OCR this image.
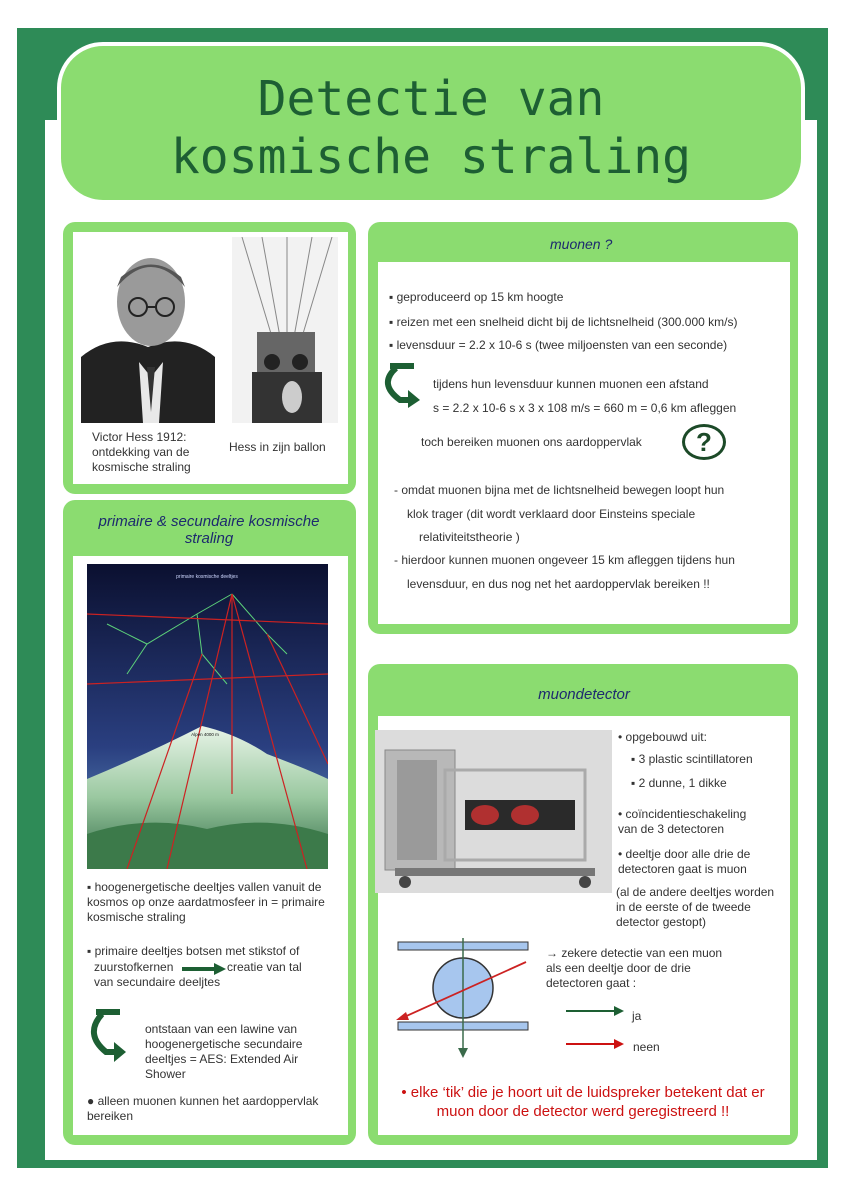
Detectie van
kosmische straling
Victor Hess 1912: ontdekking van de kosmische straling
Hess in zijn ballon
muonen ?
▪ geproduceerd op 15 km hoogte
▪ reizen met een snelheid dicht bij de lichtsnelheid (300.000 km/s)
▪ levensduur = 2.2 x 10-6 s (twee miljoensten van een seconde)
tijdens hun levensduur kunnen muonen een afstand
s = 2.2 x 10-6 s x 3 x 108 m/s = 660 m = 0,6 km afleggen
toch bereiken muonen ons aardoppervlak	?
- omdat muonen bijna met de lichtsnelheid bewegen loopt hun
klok trager (dit wordt verklaard door Einsteins speciale
relativiteitstheorie )
- hierdoor kunnen muonen ongeveer 15 km afleggen tijdens hun
levensduur, en dus nog net het aardoppervlak bereiken !!
primaire & secundaire kosmische straling
primaire kosmische deeltjes
Alpen 4000 m
▪ hoogenergetische deeltjes vallen vanuit de kosmos op onze aardatmosfeer in = primaire kosmische straling
▪ primaire deeltjes botsen met stikstof of
zuurstofkernen	creatie van tal
van secundaire deeljtes
ontstaan van een lawine van hoogenergetische secundaire deeltjes = AES: Extended Air Shower
● alleen muonen kunnen het aardoppervlak bereiken
muondetector
• opgebouwd uit:
▪ 3 plastic scintillatoren
▪ 2 dunne, 1 dikke
• coïncidentieschakeling van de 3 detectoren
• deeltje door alle drie de detectoren gaat is muon
(al de andere deeltjes worden in de eerste of de tweede detector gestopt)
→ zekere detectie van een muon als een deeltje door de drie detectoren gaat :
ja
neen
• elke ‘tik’ die je hoort uit de luidspreker betekent dat er muon door de detector werd geregistreerd !!
